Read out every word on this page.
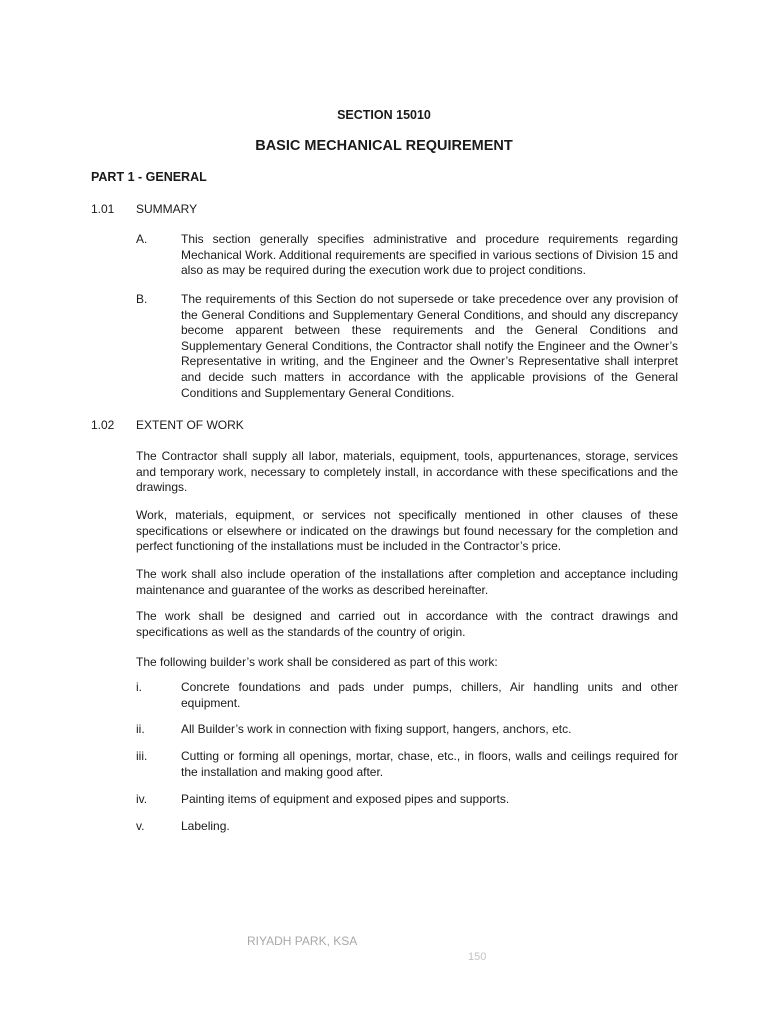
SECTION 15010
BASIC MECHANICAL REQUIREMENT
PART 1 - GENERAL
1.01 SUMMARY
A.	This section generally specifies administrative and procedure requirements regarding Mechanical Work. Additional requirements are specified in various sections of Division 15 and also as may be required during the execution work due to project conditions.
B.	The requirements of this Section do not supersede or take precedence over any provision of the General Conditions and Supplementary General Conditions, and should any discrepancy become apparent between these requirements and the General Conditions and Supplementary General Conditions, the Contractor shall notify the Engineer and the Owner’s Representative in writing, and the Engineer and the Owner’s Representative shall interpret and decide such matters in accordance with the applicable provisions of the General Conditions and Supplementary General Conditions.
1.02 EXTENT OF WORK
The Contractor shall supply all labor, materials, equipment, tools, appurtenances, storage, services and temporary work, necessary to completely install, in accordance with these specifications and the drawings.
Work, materials, equipment, or services not specifically mentioned in other clauses of these specifications or elsewhere or indicated on the drawings but found necessary for the completion and perfect functioning of the installations must be included in the Contractor’s price.
The work shall also include operation of the installations after completion and acceptance including maintenance and guarantee of the works as described hereinafter.
The work shall be designed and carried out in accordance with the contract drawings and specifications as well as the standards of the country of origin.
The following builder’s work shall be considered as part of this work:
i.	Concrete foundations and pads under pumps, chillers, Air handling units and other equipment.
ii.	All Builder’s work in connection with fixing support, hangers, anchors, etc.
iii.	Cutting or forming all openings, mortar, chase, etc., in floors, walls and ceilings required for the installation and making good after.
iv.	Painting items of equipment and exposed pipes and supports.
v.	Labeling.
RIYADH PARK, KSA
150
